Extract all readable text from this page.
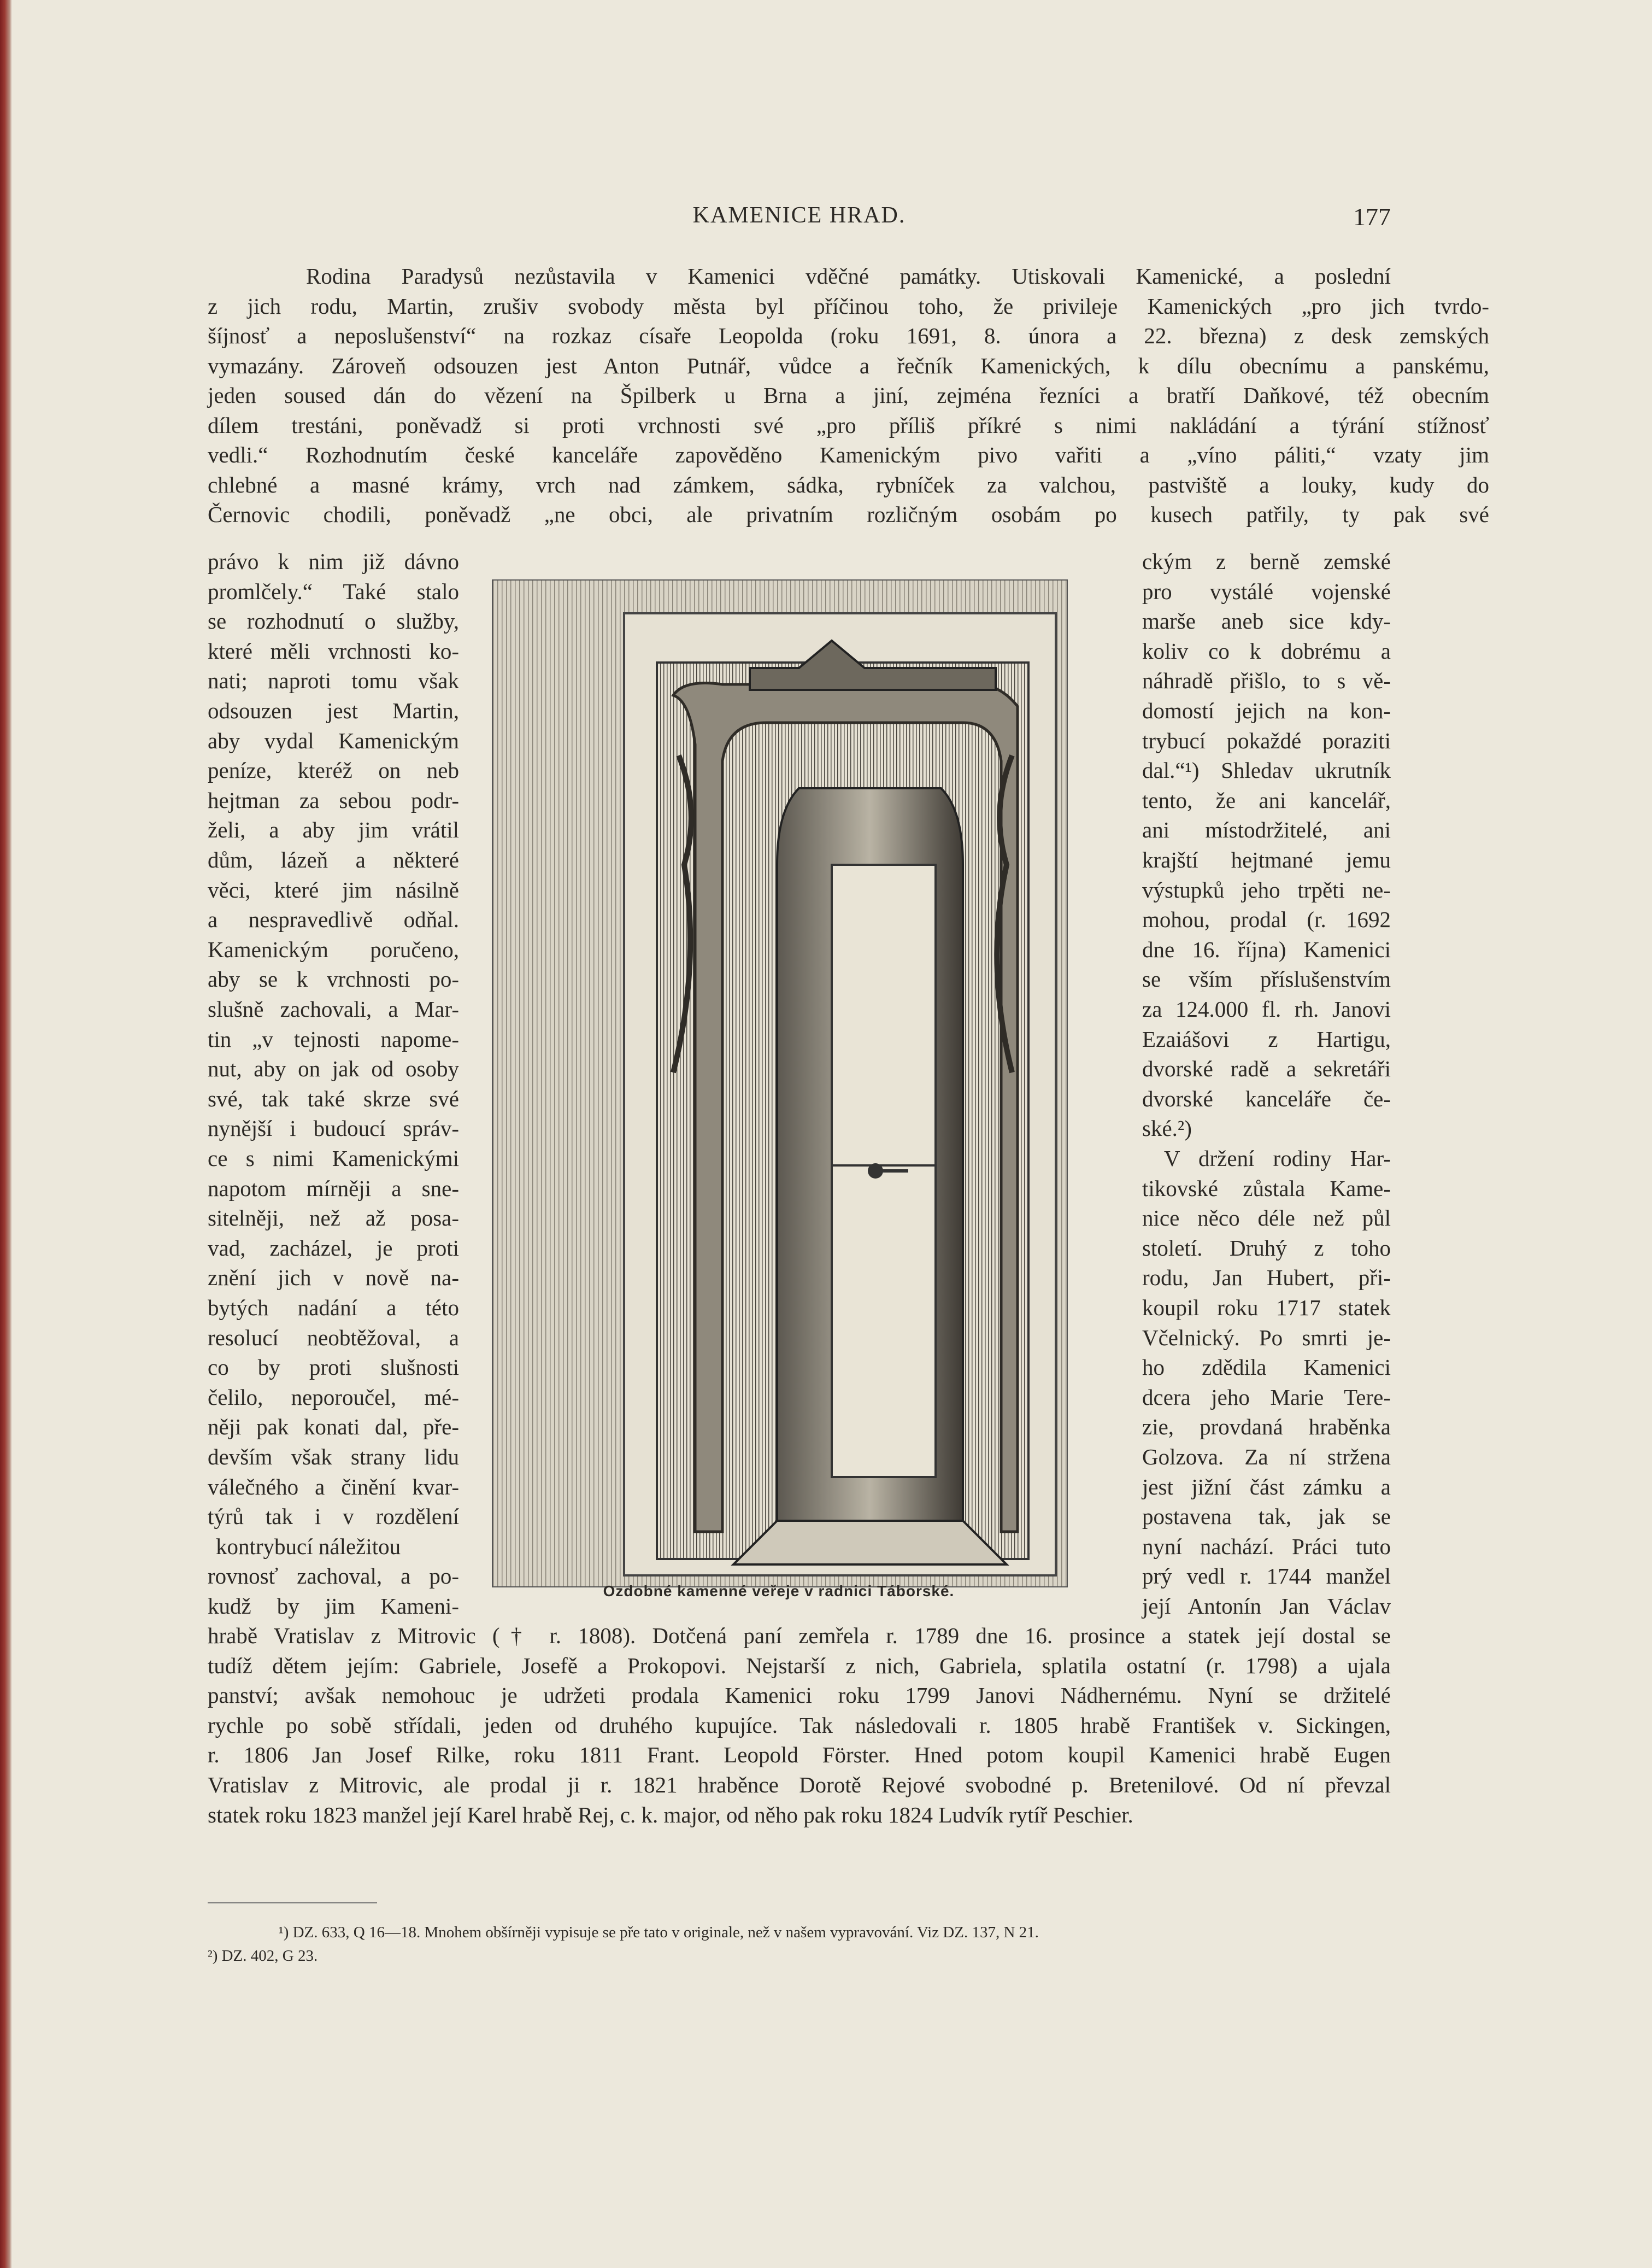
KAMENICE HRAD.	177
Rodina Paradysů nezůstavila v Kamenici vděčné památky. Utiskovali Kamenické, a poslední
z jich rodu, Martin, zrušiv svobody města byl příčinou toho, že privileje Kamenických „pro jich tvrdo-
šíjnosť a neposlušenství“ na rozkaz císaře Leopolda (roku 1691, 8. února a 22. března) z desk zemských
vymazány. Zároveň odsouzen jest Anton Putnář, vůdce a řečník Kamenických, k dílu obecnímu a panskému,
jeden soused dán do vězení na Špilberk u Brna a jiní, zejména řezníci a bratří Daňkové, též obecním
dílem trestáni, poněvadž si proti vrchnosti své „pro příliš příkré s nimi nakládání a týrání stížnosť
vedli.“ Rozhodnutím české kanceláře zapověděno Kamenickým pivo vařiti a „víno páliti,“ vzaty jim
chlebné a masné krámy, vrch nad zámkem, sádka, rybníček za valchou, pastviště a louky, kudy do
Černovic chodili, poněvadž „ne obci, ale privatním rozličným osobám po kusech patřily, ty pak své
právo k nim již dávno
promlčely.“ Také stalo
se rozhodnutí o služby,
které měli vrchnosti ko-
nati; naproti tomu však
odsouzen jest Martin,
aby vydal Kamenickým
peníze, kteréž on neb
hejtman za sebou podr-
želi, a aby jim vrátil
dům, lázeň a některé
věci, které jim násilně
a nespravedlivě odňal.
Kamenickým poručeno,
aby se k vrchnosti po-
slušně zachovali, a Mar-
tin „v tejnosti napome-
nut, aby on jak od osoby
své, tak také skrze své
nynější i budoucí správ-
ce s nimi Kamenickými
napotom mírněji a sne-
sitelněji, než až posa-
vad, zacházel, je proti
znění jich v nově na-
bytých nadání a této
resolucí neobtěžoval, a
co by proti slušnosti
čelilo, neporoučel, mé-
něji pak konati dal, pře-
devším však strany lidu
válečného a činění kvar-
týrů tak i v rozdělení
kontrybucí náležitou
rovnosť zachoval, a po-
kudž by jim Kameni-
ckým z berně zemské
pro vystálé vojenské
marše aneb sice kdy-
koliv co k dobrému a
náhradě přišlo, to s vě-
domostí jejich na kon-
trybucí pokaždé poraziti
dal.“¹) Shledav ukrutník
tento, že ani kancelář,
ani místodržitelé, ani
krajští hejtmané jemu
výstupků jeho trpěti ne-
mohou, prodal (r. 1692
dne 16. října) Kamenici
se vším příslušenstvím
za 124.000 fl. rh. Janovi
Ezaiášovi z Hartigu,
dvorské radě a sekretáři
dvorské kanceláře če-
ské.²)
V držení rodiny Har-
tikovské zůstala Kame-
nice něco déle než půl
století. Druhý z toho
rodu, Jan Hubert, při-
koupil roku 1717 statek
Včelnický. Po smrti je-
ho zdědila Kamenici
dcera jeho Marie Tere-
zie, provdaná hraběnka
Golzova. Za ní stržena
jest jižní část zámku a
postavena tak, jak se
nyní nachází. Práci tuto
prý vedl r. 1744 manžel
její Antonín Jan Václav
hrabě Vratislav z Mitrovic († r. 1808). Dotčená paní zemřela r. 1789 dne 16. prosince a statek její dostal se
tudíž dětem jejím: Gabriele, Josefě a Prokopovi. Nejstarší z nich, Gabriela, splatila ostatní (r. 1798) a ujala
panství; avšak nemohouc je udržeti prodala Kamenici roku 1799 Janovi Nádhernému. Nyní se držitelé
rychle po sobě střídali, jeden od druhého kupujíce. Tak následovali r. 1805 hrabě František v. Sickingen,
r. 1806 Jan Josef Rilke, roku 1811 Frant. Leopold Förster. Hned potom koupil Kamenici hrabě Eugen
Vratislav z Mitrovic, ale prodal ji r. 1821 hraběnce Dorotě Rejové svobodné p. Bretenilové. Od ní převzal
statek roku 1823 manžel její Karel hrabě Rej, c. k. major, od něho pak roku 1824 Ludvík rytíř Peschier.
Ozdobné kamenné veřeje v radnici Táborské.
¹) DZ. 633, Q 16—18. Mnohem obšírněji vypisuje se pře tato v originale, než v našem vypravování. Viz DZ. 137, N 21.
²) DZ. 402, G 23.
